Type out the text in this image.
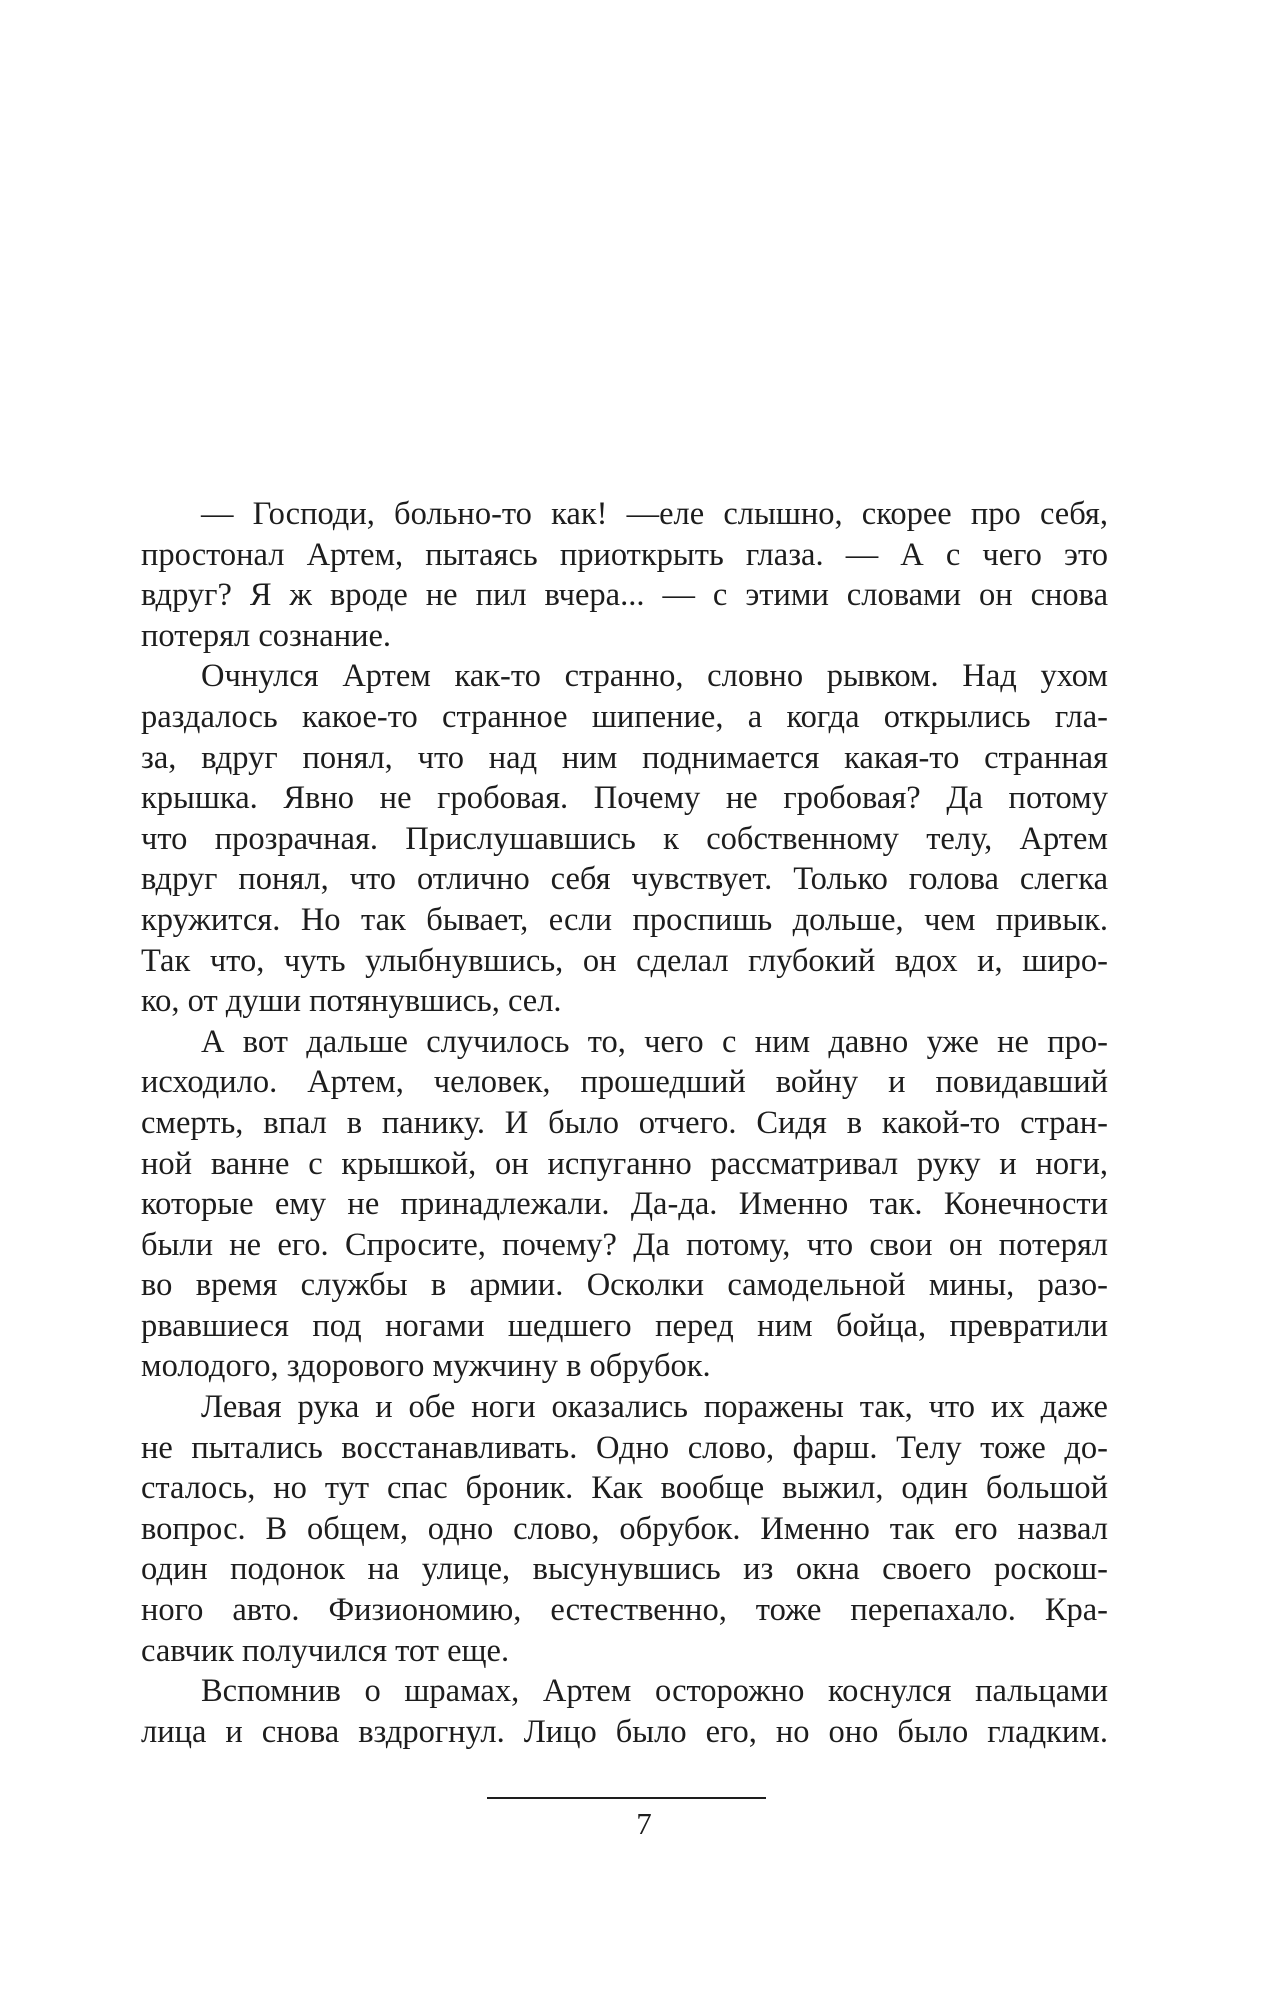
— Господи, больно-то как! —еле слышно, скорее про себя,
простонал Артем, пытаясь приоткрыть глаза. — А с чего это
вдруг? Я ж вроде не пил вчера... — с этими словами он снова
потерял сознание.
Очнулся Артем как-то странно, словно рывком. Над ухом
раздалось какое-то странное шипение, а когда открылись гла-
за, вдруг понял, что над ним поднимается какая-то странная
крышка. Явно не гробовая. Почему не гробовая? Да потому
что прозрачная. Прислушавшись к собственному телу, Артем
вдруг понял, что отлично себя чувствует. Только голова слегка
кружится. Но так бывает, если проспишь дольше, чем привык.
Так что, чуть улыбнувшись, он сделал глубокий вдох и, широ-
ко, от души потянувшись, сел.
А вот дальше случилось то, чего с ним давно уже не про-
исходило. Артем, человек, прошедший войну и повидавший
смерть, впал в панику. И было отчего. Сидя в какой-то стран-
ной ванне с крышкой, он испуганно рассматривал руку и ноги,
которые ему не принадлежали. Да-да. Именно так. Конечности
были не его. Спросите, почему? Да потому, что свои он потерял
во время службы в армии. Осколки самодельной мины, разо-
рвавшиеся под ногами шедшего перед ним бойца, превратили
молодого, здорового мужчину в обрубок.
Левая рука и обе ноги оказались поражены так, что их даже
не пытались восстанавливать. Одно слово, фарш. Телу тоже до-
сталось, но тут спас броник. Как вообще выжил, один большой
вопрос. В общем, одно слово, обрубок. Именно так его назвал
один подонок на улице, высунувшись из окна своего роскош-
ного авто. Физиономию, естественно, тоже перепахало. Кра-
савчик получился тот еще.
Вспомнив о шрамах, Артем осторожно коснулся пальцами
лица и снова вздрогнул. Лицо было его, но оно было гладким.
7
